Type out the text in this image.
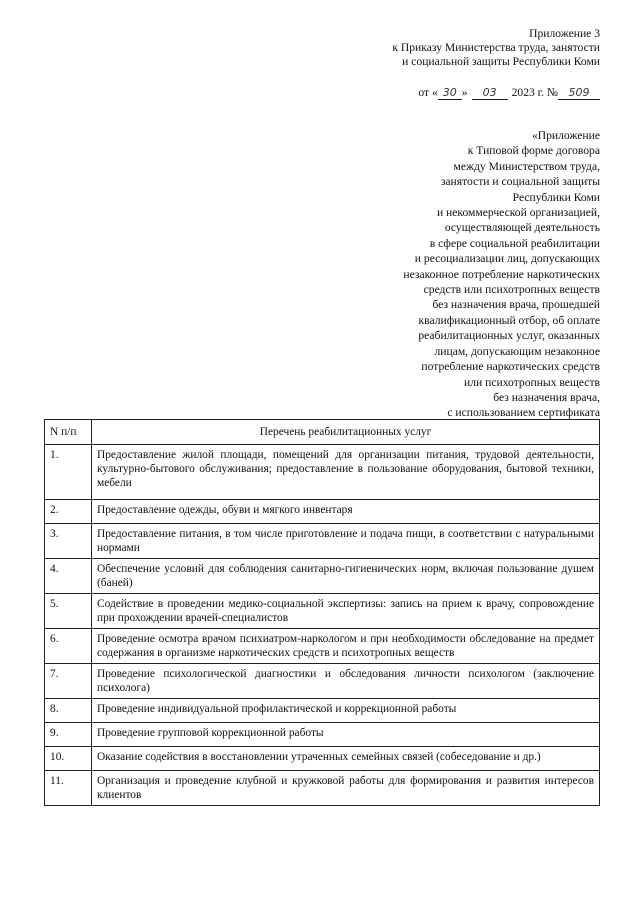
Приложение 3
к Приказу Министерства труда, занятости
и социальной защиты Республики Коми
от « 30 » 03 2023 г. № 509
«Приложение
к Типовой форме договора
между Министерством труда,
занятости и социальной защиты
Республики Коми
и некоммерческой организацией,
осуществляющей деятельность
в сфере социальной реабилитации
и ресоциализации лиц, допускающих
незаконное потребление наркотических
средств или психотропных веществ
без назначения врача, прошедшей
квалификационный отбор, об оплате
реабилитационных услуг, оказанных
лицам, допускающим незаконное
потребление наркотических средств
или психотропных веществ
без назначения врача,
с использованием сертификата
N п/п	Перечень реабилитационных услуг
1.	Предоставление жилой площади, помещений для организации питания, трудовой деятельности, культурно-бытового обслуживания; предоставление в пользование оборудования, бытовой техники, мебели
2.	Предоставление одежды, обуви и мягкого инвентаря
3.	Предоставление питания, в том числе приготовление и подача пищи, в соответствии с натуральными нормами
4.	Обеспечение условий для соблюдения санитарно-гигиенических норм, включая пользование душем (баней)
5.	Содействие в проведении медико-социальной экспертизы: запись на прием к врачу, сопровождение при прохождении врачей-специалистов
6.	Проведение осмотра врачом психиатром-наркологом и при необходимости обследование на предмет содержания в организме наркотических средств и психотропных веществ
7.	Проведение психологической диагностики и обследования личности психологом (заключение психолога)
8.	Проведение индивидуальной профилактической и коррекционной работы
9.	Проведение групповой коррекционной работы
10.	Оказание содействия в восстановлении утраченных семейных связей (собеседование и др.)
11.	Организация и проведение клубной и кружковой работы для формирования и развития интересов клиентов
